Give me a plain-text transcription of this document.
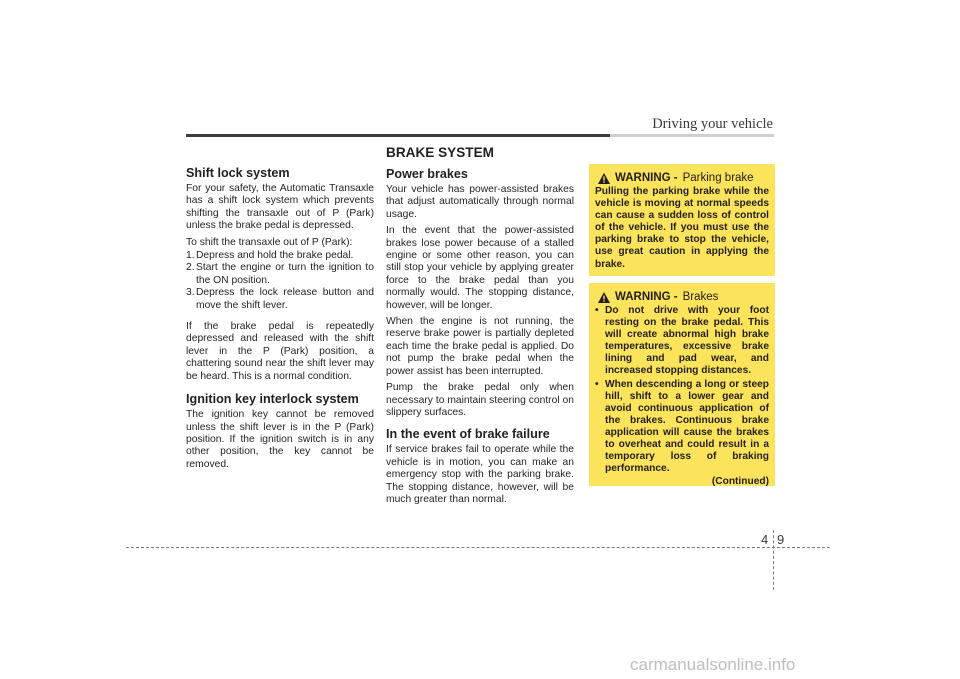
Driving your vehicle
Shift lock system

For your safety, the Automatic Transaxle has a shift lock system which prevents shifting the transaxle out of P (Park) unless the brake pedal is depressed.

To shift the transaxle out of P (Park):

1.Depress and hold the brake pedal.
2.Start the engine or turn the ignition to the ON position.
3.Depress the lock release button and move the shift lever.

If the brake pedal is repeatedly depressed and released with the shift lever in the P (Park) position, a chattering sound near the shift lever may be heard. This is a normal condition.

Ignition key interlock system

The ignition key cannot be removed unless the shift lever is in the P (Park) position. If the ignition switch is in any other position, the key cannot be removed.

BRAKE SYSTEM
Power brakes

Your vehicle has power-assisted brakes that adjust automatically through normal usage.

In the event that the power-assisted brakes lose power because of a stalled engine or some other reason, you can still stop your vehicle by applying greater force to the brake pedal than you normally would. The stopping distance, however, will be longer.

When the engine is not running, the reserve brake power is partially depleted each time the brake pedal is applied. Do not pump the brake pedal when the power assist has been interrupted.

Pump the brake pedal only when necessary to maintain steering control on slippery surfaces.

In the event of brake failure

If service brakes fail to operate while the vehicle is in motion, you can make an emergency stop with the parking brake. The stopping distance, however, will be much greater than normal.

WARNING - Parking brake
Pulling the parking brake while the vehicle is moving at normal speeds can cause a sudden loss of control of the vehicle. If you must use the parking brake to stop the vehicle, use great caution in applying the brake.
WARNING - Brakes
• Do not drive with your foot resting on the brake pedal. This will create abnormal high brake temperatures, excessive brake lining and pad wear, and increased stopping distances.
• When descending a long or steep hill, shift to a lower gear and avoid continuous application of the brakes. Continuous brake application will cause the brakes to overheat and could result in a temporary loss of braking performance.
(Continued)
4 9
carmanualsonline.info
